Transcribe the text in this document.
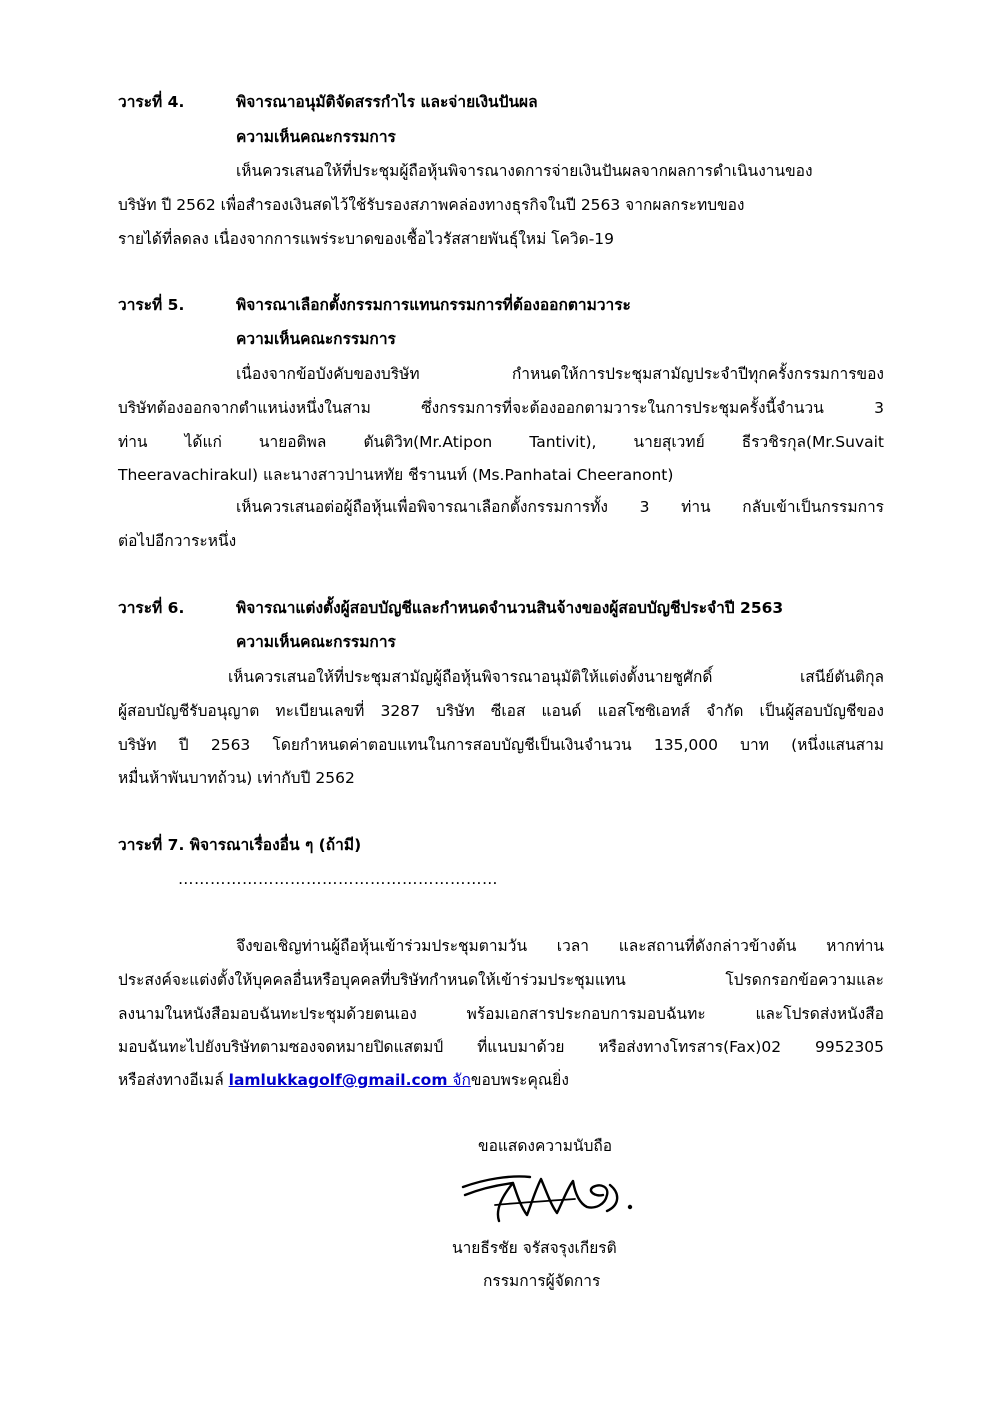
วาระที่ 4.	พิจารณาอนุมัติจัดสรรกำไร และจ่ายเงินปันผล
ความเห็นคณะกรรมการ
เห็นควรเสนอให้ที่ประชุมผู้ถือหุ้นพิจารณางดการจ่ายเงินปันผลจากผลการดำเนินงานของ
บริษัท ปี 2562 เพื่อสำรองเงินสดไว้ใช้รับรองสภาพคล่องทางธุรกิจในปี 2563 จากผลกระทบของ
รายได้ที่ลดลง เนื่องจากการแพร่ระบาดของเชื้อไวรัสสายพันธุ์ใหม่ โควิด-19
วาระที่ 5.	พิจารณาเลือกตั้งกรรมการแทนกรรมการที่ต้องออกตามวาระ
ความเห็นคณะกรรมการ
เนื่องจากข้อบังคับของบริษัท กำหนดให้การประชุมสามัญประจำปีทุกครั้งกรรมการของ
บริษัทต้องออกจากตำแหน่งหนึ่งในสาม ซึ่งกรรมการที่จะต้องออกตามวาระในการประชุมครั้งนี้จำนวน 3
ท่าน ได้แก่ นายอติพล ตันติวิท(Mr.Atipon Tantivit), นายสุเวทย์ ธีรวชิรกุล(Mr.Suvait
Theeravachirakul) และนางสาวปานหทัย ชีรานนท์ (Ms.Panhatai Cheeranont)
เห็นควรเสนอต่อผู้ถือหุ้นเพื่อพิจารณาเลือกตั้งกรรมการทั้ง 3 ท่าน กลับเข้าเป็นกรรมการ
ต่อไปอีกวาระหนึ่ง
วาระที่ 6.	พิจารณาแต่งตั้งผู้สอบบัญชีและกำหนดจำนวนสินจ้างของผู้สอบบัญชีประจำปี 2563
ความเห็นคณะกรรมการ
เห็นควรเสนอให้ที่ประชุมสามัญผู้ถือหุ้นพิจารณาอนุมัติให้แต่งตั้งนายชูศักดิ์ เสนีย์ตันติกุล
ผู้สอบบัญชีรับอนุญาต ทะเบียนเลขที่ 3287 บริษัท ซีเอส แอนด์ แอสโซซิเอทส์ จำกัด เป็นผู้สอบบัญชีของ
บริษัท ปี 2563 โดยกำหนดค่าตอบแทนในการสอบบัญชีเป็นเงินจำนวน 135,000 บาท (หนึ่งแสนสาม
หมื่นห้าพันบาทถ้วน) เท่ากับปี 2562
วาระที่ 7. พิจารณาเรื่องอื่น ๆ (ถ้ามี)
……………………………………………………
จึงขอเชิญท่านผู้ถือหุ้นเข้าร่วมประชุมตามวัน เวลา และสถานที่ดังกล่าวข้างต้น หากท่าน
ประสงค์จะแต่งตั้งให้บุคคลอื่นหรือบุคคลที่บริษัทกำหนดให้เข้าร่วมประชุมแทน โปรดกรอกข้อความและ
ลงนามในหนังสือมอบฉันทะประชุมด้วยตนเอง พร้อมเอกสารประกอบการมอบฉันทะ และโปรดส่งหนังสือ
มอบฉันทะไปยังบริษัทตามซองจดหมายปิดแสตมป์ ที่แนบมาด้วย หรือส่งทางโทรสาร(Fax)02 9952305
หรือส่งทางอีเมล์ lamlukkagolf@gmail.com จักขอบพระคุณยิ่ง
ขอแสดงความนับถือ
นายธีรชัย จรัสจรุงเกียรติ
กรรมการผู้จัดการ
